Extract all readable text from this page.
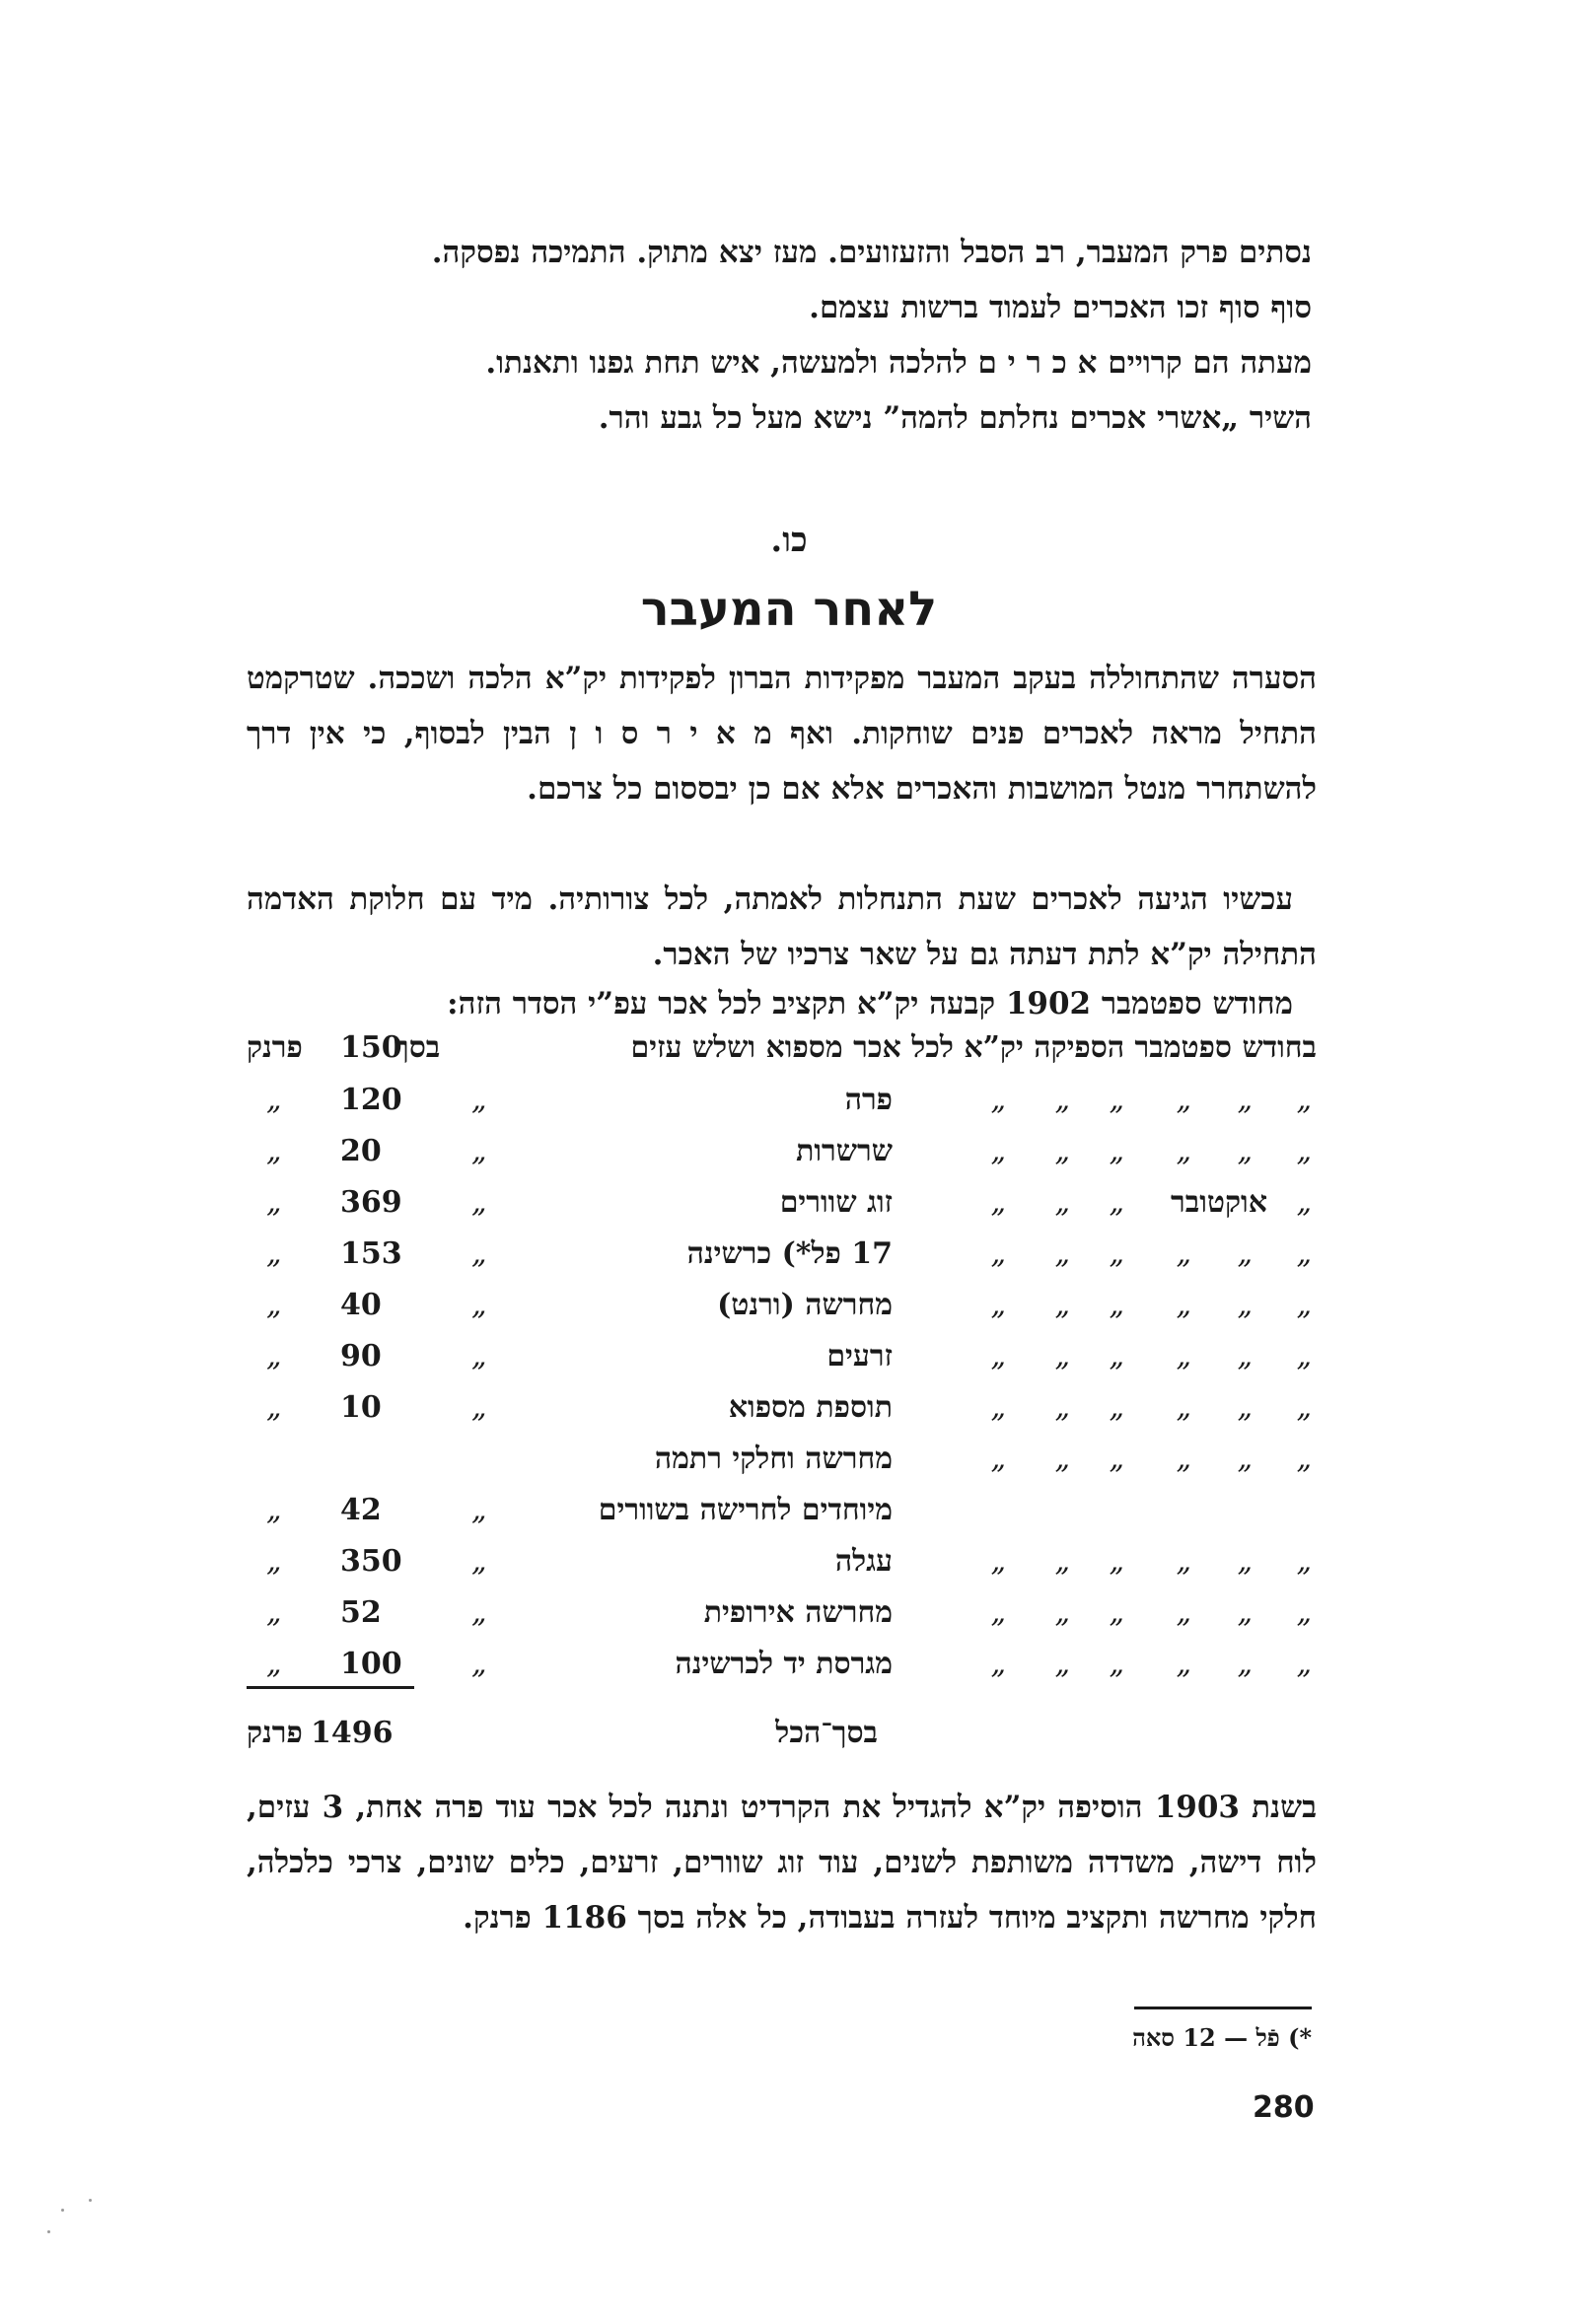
נסתים פרק המעבר, רב הסבל והזעזועים. מעז יצא מתוק. התמיכה נפסקה.
סוף סוף זכו האכרים לעמוד ברשות עצמם.
מעתה הם קרויים א כ ר י ם להלכה ולמעשה, איש תחת גפנו ותאנתו.
השיר „אשרי אכרים נחלתם להמה” נישא מעל כל גבע והר.
כו.
לאחר המעבר
הסערה שהתחוללה בעקב המעבר מפקידות הברון לפקידות יק”א הלכה ושככה. שטרקמט התחיל מראה לאכרים פנים שוחקות. ואף מ א י ר ס ו ן הבין לבסוף, כי אין דרך להשתחרר מנטל המושבות והאכרים אלא אם כן יבססום כל צרכם.
עכשיו הגיעה לאכרים שעת התנחלות לאמתה, לכל צורותיה. מיד עם חלוקת האדמה התחילה יק”א לתת דעתה גם על שאר צרכיו של האכר.
מחודש ספטמבר 1902 קבעה יק”א תקציב לכל אכר עפ”י הסדר הזה:
בחודש ספטמבר הספיקה יק”א לכל אכר מספוא ושלש עזים
בסך
150
פרנק
„
„
„
„
„
„
פרה
„
120
„
„
„
„
„
„
„
שרשרות
„
20
„
„
אוקטובר
„
„
„
זוג שוורים
„
369
„
„
„
„
„
„
„
17 פל*) כרשינה
„
153
„
„
„
„
„
„
„
מחרשה (ורנט)
„
40
„
„
„
„
„
„
„
זרעים
„
90
„
„
„
„
„
„
„
תוספת מספוא
„
10
„
„
„
„
„
„
„
מחרשה וחלקי רתמה
מיוחדים לחרישה בשוורים
„
42
„
„
„
„
„
„
„
עגלה
„
350
„
„
„
„
„
„
„
מחרשה אירופית
„
52
„
„
„
„
„
„
„
מגרסת יד לכרשינה
„
100
„
בסך־הכל
1496
פרנק
בשנת 1903 הוסיפה יק”א להגדיל את הקרדיט ונתנה לכל אכר עוד פרה אחת, 3 עזים, לוח דישה, משדדה משותפת לשנים, עוד זוג שוורים, זרעים, כלים שונים, צרכי כלכלה, חלקי מחרשה ותקציב מיוחד לעזרה בעבודה, כל אלה בסך 1186 פרנק.
*) פֿל — 12 סאה
280
